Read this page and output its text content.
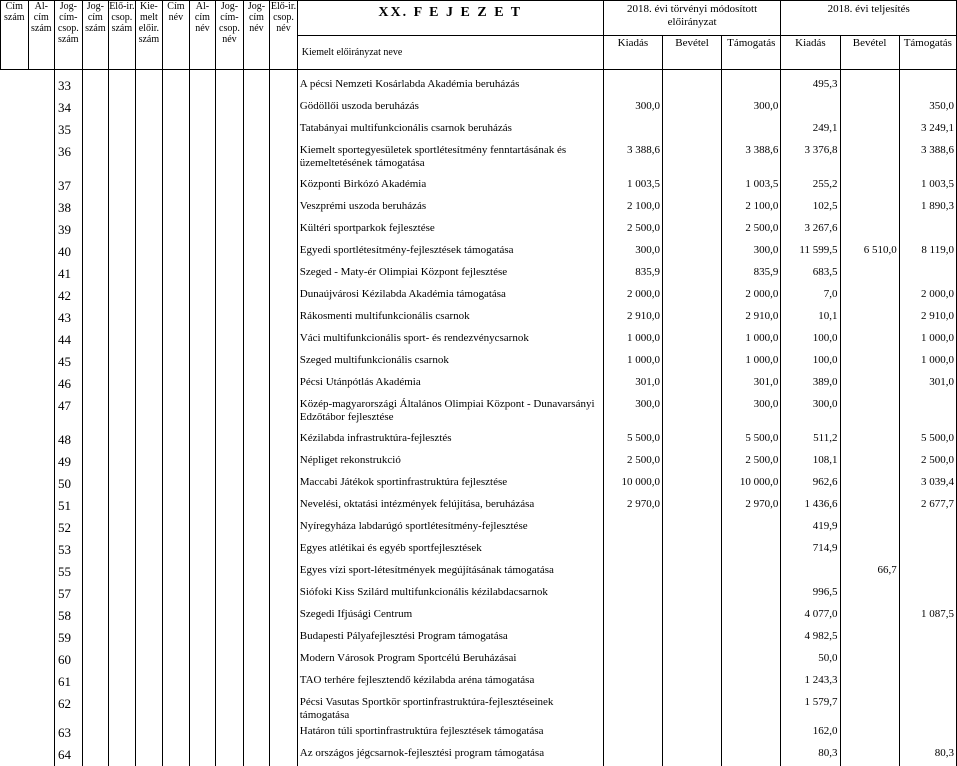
Cím szám	Al-cím szám	Jog-cím-csop. szám	Jog-cím szám	Elő-ir. csop. szám	Kie-melt előir. szám	Cím név	Al-cím név	Jog-cím-csop. név	Jog-cím név	Elő-ir. csop. név	XX. F E J E Z E T	2018. évi törvényi módosított előirányzat			2018. évi teljesítés		
											Kiemelt előirányzat neve	Kiadás	Bevétel	Támogatás	Kiadás	Bevétel	Támogatás

		33									A pécsi Nemzeti Kosárlabda Akadémia beruházás				495,3		
		34									Gödöllői uszoda beruházás	300,0		300,0			350,0
		35									Tatabányai multifunkcionális csarnok beruházás				249,1		3 249,1
		36									Kiemelt sportegyesületek sportlétesítmény fenntartásának és üzemeltetésének támogatása	3 388,6		3 388,6	3 376,8		3 388,6

		37									Központi Birkózó Akadémia	1 003,5		1 003,5	255,2		1 003,5
		38									Veszprémi uszoda beruházás	2 100,0		2 100,0	102,5		1 890,3
		39									Kültéri sportparkok fejlesztése	2 500,0		2 500,0	3 267,6		
		40									Egyedi sportlétesítmény-fejlesztések támogatása	300,0		300,0	11 599,5	6 510,0	8 119,0
		41									Szeged - Maty-ér Olimpiai Központ fejlesztése	835,9		835,9	683,5		
		42									Dunaújvárosi Kézilabda Akadémia támogatása	2 000,0		2 000,0	7,0		2 000,0
		43									Rákosmenti multifunkcionális csarnok	2 910,0		2 910,0	10,1		2 910,0
		44									Váci multifunkcionális sport- és rendezvénycsarnok	1 000,0		1 000,0	100,0		1 000,0
		45									Szeged multifunkcionális csarnok	1 000,0		1 000,0	100,0		1 000,0
		46									Pécsi Utánpótlás Akadémia	301,0		301,0	389,0		301,0
		47									Közép-magyarországi Általános Olimpiai Központ - Dunavarsányi Edzőtábor fejlesztése	300,0		300,0	300,0		

		48									Kézilabda infrastruktúra-fejlesztés	5 500,0		5 500,0	511,2		5 500,0
		49									Népliget rekonstrukció	2 500,0		2 500,0	108,1		2 500,0
		50									Maccabi Játékok sportinfrastruktúra fejlesztése	10 000,0		10 000,0	962,6		3 039,4
		51									Nevelési, oktatási intézmények felújítása, beruházása	2 970,0		2 970,0	1 436,6		2 677,7
		52									Nyíregyháza labdarúgó sportlétesítmény-fejlesztése				419,9		
		53									Egyes atlétikai és egyéb sportfejlesztések				714,9		
		55									Egyes vízi sport-létesítmények megújításának támogatása					66,7	
		57									Siófoki Kiss Szilárd multifunkcionális kézilabdacsarnok				996,5		
		58									Szegedi Ifjúsági Centrum				4 077,0		1 087,5
		59									Budapesti Pályafejlesztési Program támogatása				4 982,5		
		60									Modern Városok Program Sportcélú Beruházásai				50,0		
		61									TAO terhére fejlesztendő kézilabda aréna támogatása				1 243,3		
		62									Pécsi Vasutas Sportkör sportinfrastruktúra-fejlesztéseinek támogatása				1 579,7		
		63									Határon túli sportinfrastruktúra fejlesztések támogatása				162,0		
		64									Az országos jégcsarnok-fejlesztési program támogatása				80,3		80,3
